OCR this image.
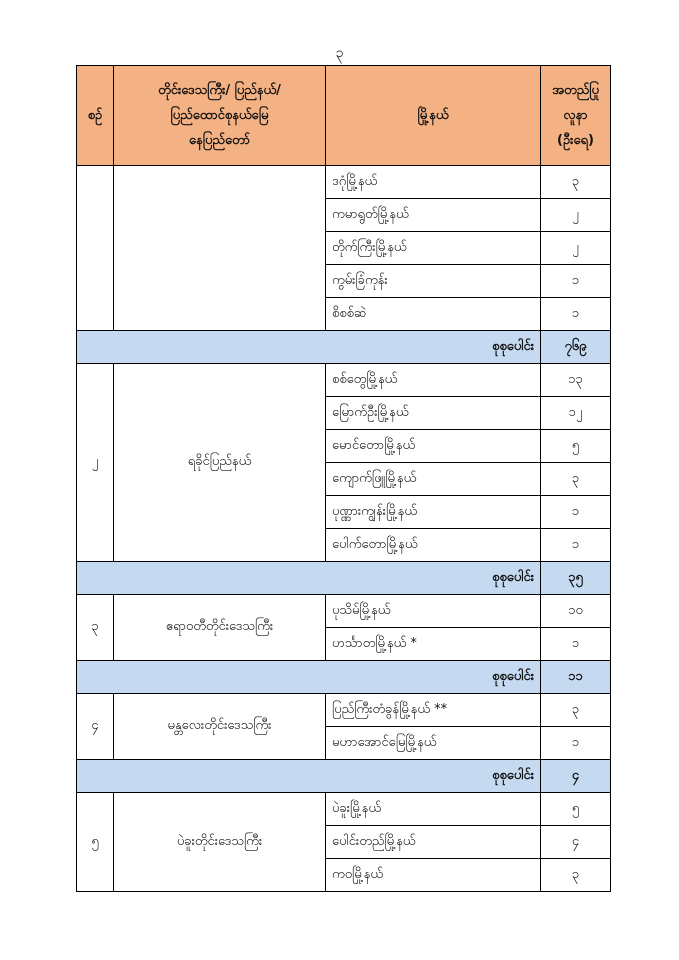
၃
စဉ်	တိုင်းဒေသကြီး/ ပြည်နယ်/
ပြည်ထောင်စုနယ်မြေ
နေပြည်တော်	မြို့နယ်	အတည်ပြု
လူနာ (ဦးရေ)

		ဒဂုံမြို့နယ်	၃
		ကမာရွတ်မြို့နယ်	၂
		တိုက်ကြီးမြို့နယ်	၂
		ကွမ်းခြံကုန်း	၁
		စိစစ်ဆဲ	၁
စုစုပေါင်း			၇၆၉
၂	ရခိုင်ပြည်နယ်	စစ်တွေမြို့နယ်	၁၃
		မြောက်ဦးမြို့နယ်	၁၂
		မောင်တောမြို့နယ်	၅
		ကျောက်ဖြူမြို့နယ်	၃
		ပုဏ္ဏားကျွန်းမြို့နယ်	၁
		ပေါက်တောမြို့နယ်	၁
စုစုပေါင်း			၃၅
၃	ဧရာဝတီတိုင်းဒေသကြီး	ပုသိမ်မြို့နယ်	၁၀
		ဟင်္သာတမြို့နယ် *	၁
စုစုပေါင်း			၁၁
၄	မန္တလေးတိုင်းဒေသကြီး	ပြည်ကြီးတံခွန်မြို့နယ် **	၃
		မဟာအောင်မြေမြို့နယ်	၁
စုစုပေါင်း			၄
၅	ပဲခူးတိုင်းဒေသကြီး	ပဲခူးမြို့နယ်	၅
		ပေါင်းတည်မြို့နယ်	၄
		ကဝမြို့နယ်	၃
